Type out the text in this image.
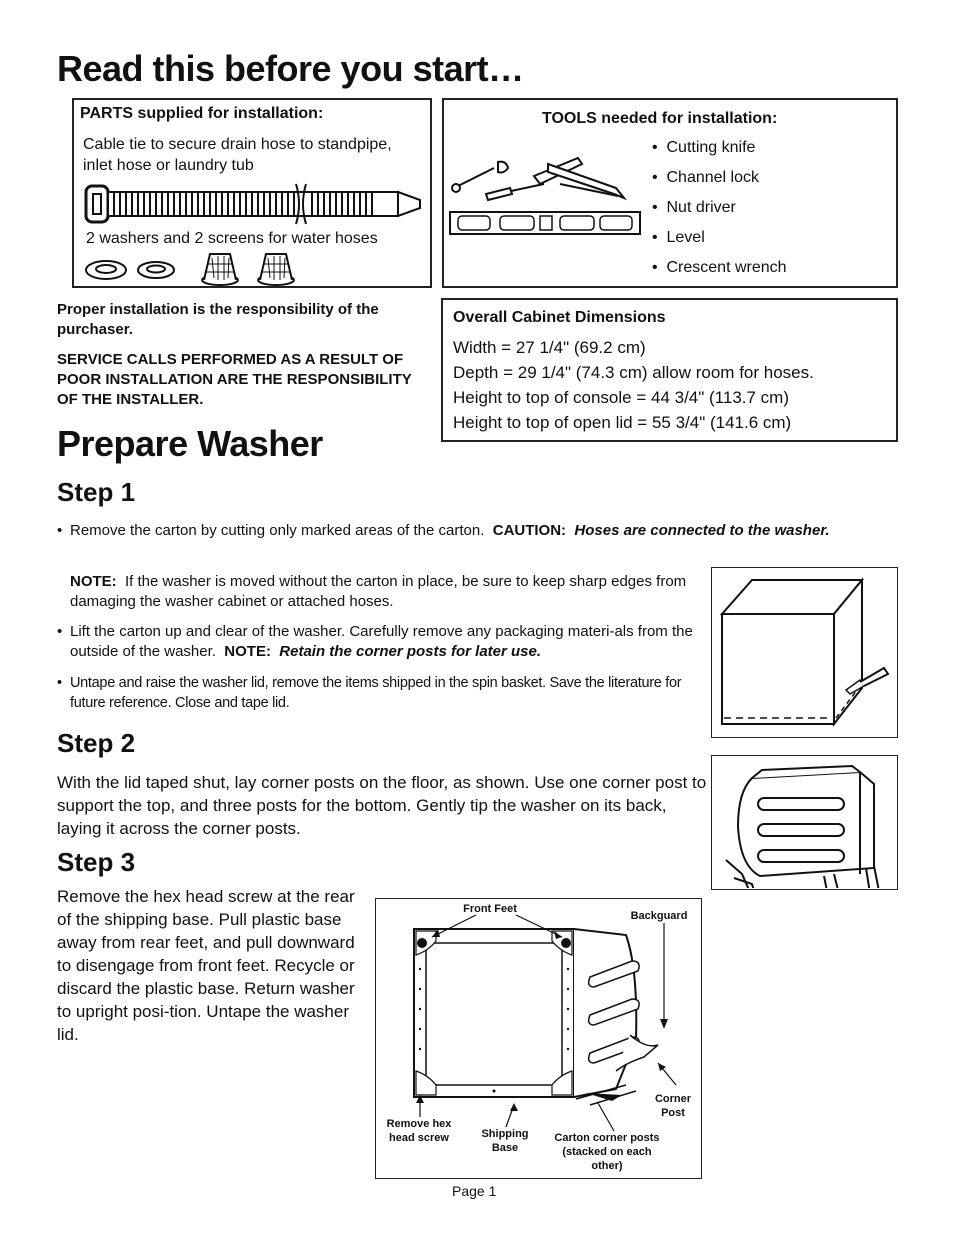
Read this before you start…
PARTS supplied for installation:
Cable tie to secure drain hose to standpipe, inlet hose or laundry tub
2 washers and 2 screens for water hoses
TOOLS needed for installation:
•  Cutting knife
•  Channel lock
•  Nut driver
•  Level
•  Crescent wrench
Proper installation is the responsibility of the purchaser.
SERVICE CALLS PERFORMED AS A RESULT OF POOR INSTALLATION ARE THE RESPONSIBILITY OF THE INSTALLER.
Overall Cabinet Dimensions
Width = 27 1/4" (69.2 cm)
Depth = 29 1/4" (74.3 cm) allow room for hoses.
Height to top of console = 44 3/4" (113.7 cm)
Height to top of open lid = 55 3/4" (141.6 cm)
Prepare Washer
Step 1
• Remove the carton by cutting only marked areas of the carton. CAUTION: Hoses are connected to the washer.
NOTE: If the washer is moved without the carton in place, be sure to keep sharp edges from damaging the washer cabinet or attached hoses.
• Lift the carton up and clear of the washer. Carefully remove any packaging materi-als from the outside of the washer. NOTE: Retain the corner posts for later use.
• Untape and raise the washer lid, remove the items shipped in the spin basket. Save the literature for future reference. Close and tape lid.
Step 2
With the lid taped shut, lay corner posts on the floor, as shown. Use one corner post to support the top, and three posts for the bottom. Gently tip the washer on its back, laying it across the corner posts.
Step 3
Remove the hex head screw at the rear of the shipping base. Pull plastic base away from rear feet, and pull downward to disengage from front feet. Recycle or discard the plastic base. Return washer to upright posi-tion. Untape the washer lid.
Front Feet
Backguard
Corner Post
Remove hex head screw	Shipping Base
Carton corner posts (stacked on each other)
Page 1
